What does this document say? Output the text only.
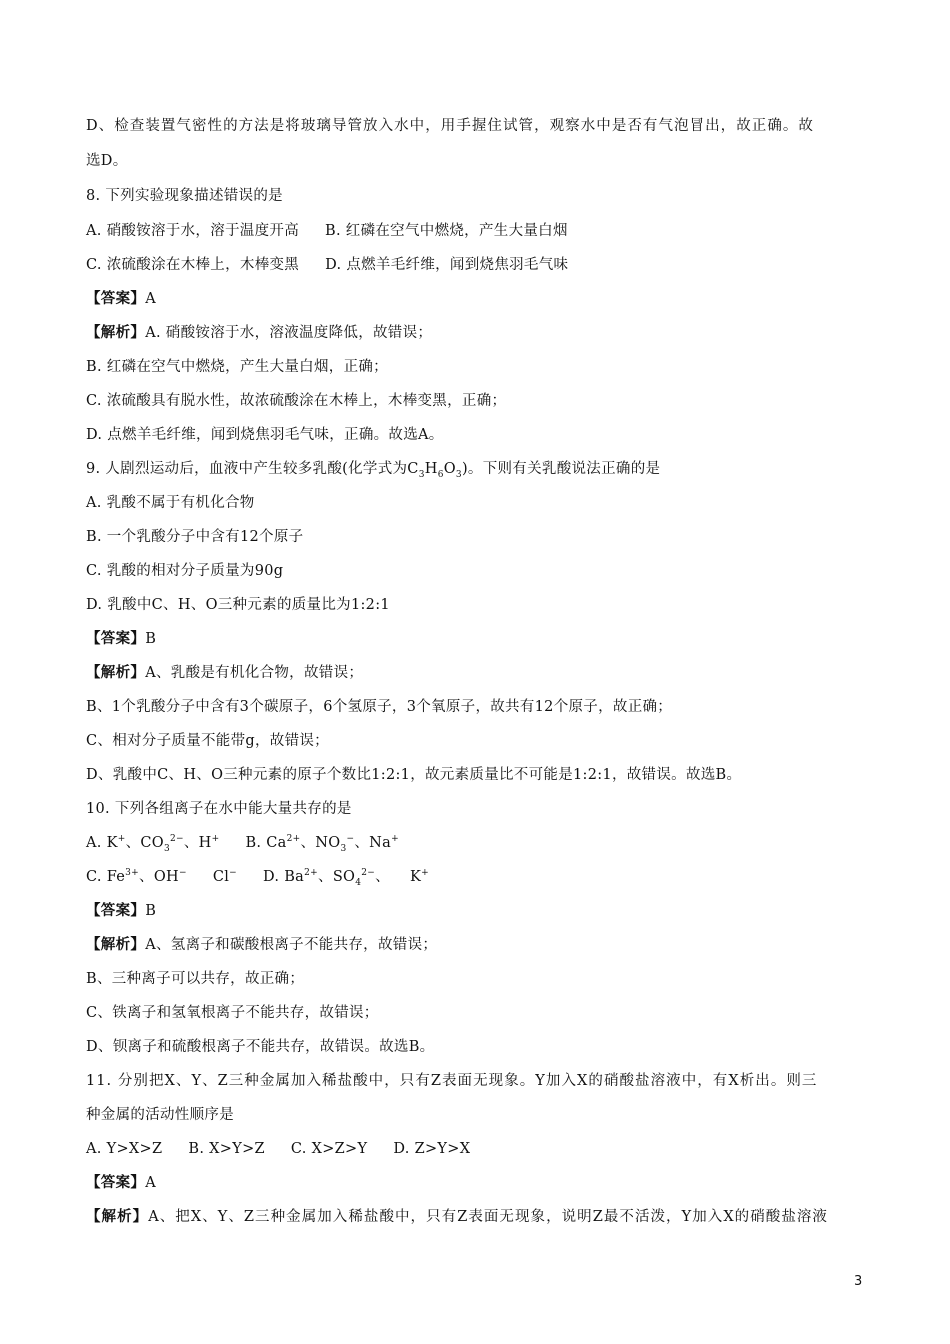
D、检查装置气密性的方法是将玻璃导管放入水中，用手握住试管，观察水中是否有气泡冒出，故正确。故
选D。
8. 下列实验现象描述错误的是
A. 硝酸铵溶于水，溶于温度开高 B. 红磷在空气中燃烧，产生大量白烟
C. 浓硫酸涂在木棒上，木棒变黑 D. 点燃羊毛纤维，闻到烧焦羽毛气味
【答案】A
【解析】A. 硝酸铵溶于水，溶液温度降低，故错误；
B. 红磷在空气中燃烧，产生大量白烟，正确；
C. 浓硫酸具有脱水性，故浓硫酸涂在木棒上，木棒变黑，正确；
D. 点燃羊毛纤维，闻到烧焦羽毛气味，正确。故选A。
9. 人剧烈运动后，血液中产生较多乳酸(化学式为$C_3H_6O_3$)。下则有关乳酸说法正确的是
A. 乳酸不属于有机化合物
B. 一个乳酸分子中含有12个原子
C. 乳酸的相对分子质量为90g
D. 乳酸中C、H、O三种元素的质量比为1:2:1
【答案】B
【解析】A、乳酸是有机化合物，故错误；
B、1个乳酸分子中含有3个碳原子，6个氢原子，3个氧原子，故共有12个原子，故正确；
C、相对分子质量不能带g，故错误；
D、乳酸中C、H、O三种元素的原子个数比1:2:1，故元素质量比不可能是1:2:1，故错误。故选B。
10. 下列各组离子在水中能大量共存的是
A. K+、$CO_3^{2-}$、H+ B. $Ca^{2+}$、$NO_3^-$、Na+
C. $Fe^{3+}$、OH− Cl− D. $Ba^{2+}$、$SO_4^{2-}$、 K+
【答案】B
【解析】A、氢离子和碳酸根离子不能共存，故错误；
B、三种离子可以共存，故正确；
C、铁离子和氢氧根离子不能共存，故错误；
D、钡离子和硫酸根离子不能共存，故错误。故选B。
11. 分别把X、Y、Z三种金属加入稀盐酸中，只有Z表面无现象。Y加入X的硝酸盐溶液中，有X析出。则三
种金属的活动性顺序是
A. Y>X>Z B. X>Y>Z C. X>Z>Y D. Z>Y>X
【答案】A
【解析】A、把X、Y、Z三种金属加入稀盐酸中，只有Z表面无现象，说明Z最不活泼，Y加入X的硝酸盐溶液
3
